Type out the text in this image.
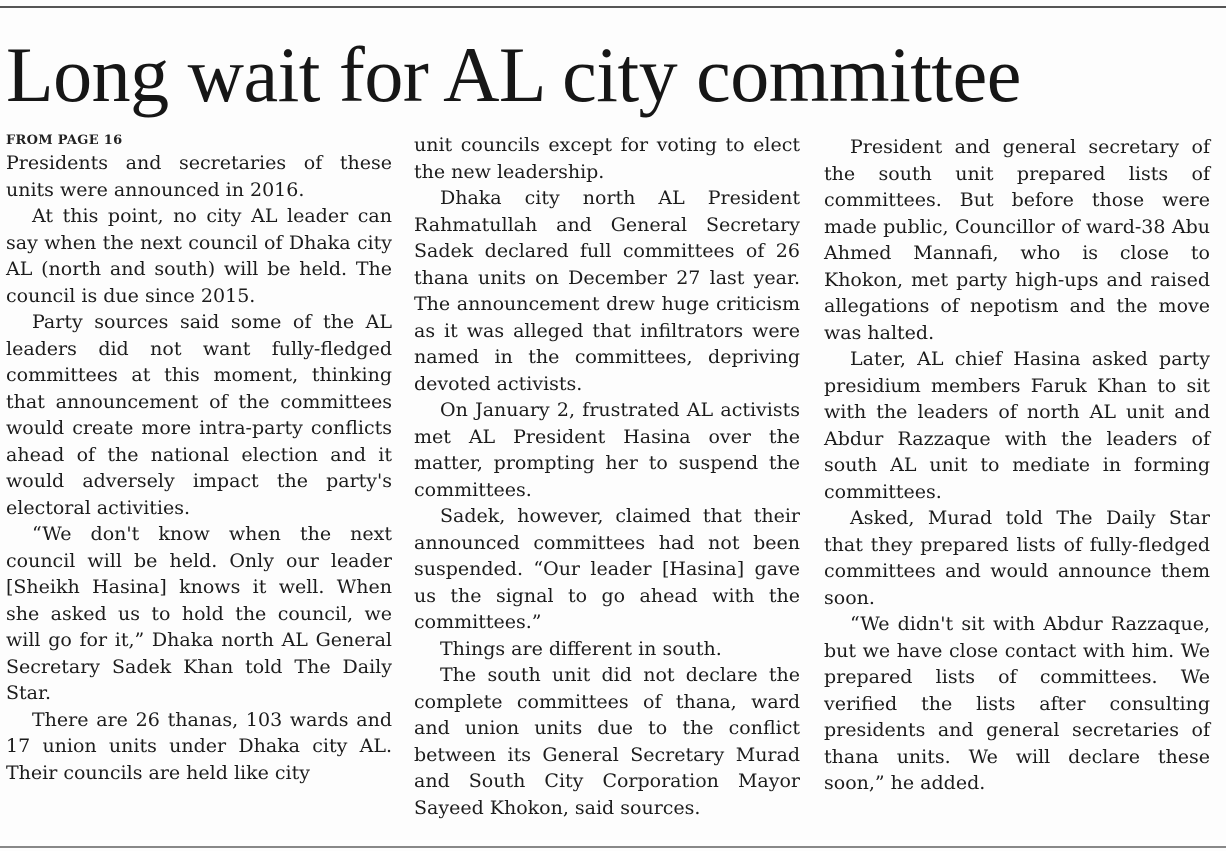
Long wait for AL city committee
FROM PAGE 16

Presidents and secretaries of these units were announced in 2016.

At this point, no city AL leader can say when the next council of Dhaka city AL (north and south) will be held. The council is due since 2015.

Party sources said some of the AL leaders did not want fully-fledged committees at this moment, thinking that announcement of the committees would create more intra-party conflicts ahead of the national election and it would adversely impact the party's electoral activities.

“We don't know when the next council will be held. Only our leader [Sheikh Hasina] knows it well. When she asked us to hold the council, we will go for it,” Dhaka north AL General Secretary Sadek Khan told The Daily Star.

There are 26 thanas, 103 wards and 17 union units under Dhaka city AL. Their councils are held like city

unit councils except for voting to elect the new leadership.

Dhaka city north AL President Rahmatullah and General Secretary Sadek declared full committees of 26 thana units on December 27 last year. The announcement drew huge criticism as it was alleged that infiltrators were named in the committees, depriving devoted activists.

On January 2, frustrated AL activists met AL President Hasina over the matter, prompting her to suspend the committees.

Sadek, however, claimed that their announced committees had not been suspended. “Our leader [Hasina] gave us the signal to go ahead with the committees.”

Things are different in south.

The south unit did not declare the complete committees of thana, ward and union units due to the conflict between its General Secretary Murad and South City Corporation Mayor Sayeed Khokon, said sources.

President and general secretary of the south unit prepared lists of committees. But before those were made public, Councillor of ward-38 Abu Ahmed Mannafi, who is close to Khokon, met party high-ups and raised allegations of nepotism and the move was halted.

Later, AL chief Hasina asked party presidium members Faruk Khan to sit with the leaders of north AL unit and Abdur Razzaque with the leaders of south AL unit to mediate in forming committees.

Asked, Murad told The Daily Star that they prepared lists of fully-fledged committees and would announce them soon.

“We didn't sit with Abdur Razzaque, but we have close contact with him. We prepared lists of committees. We verified the lists after consulting presidents and general secretaries of thana units. We will declare these soon,” he added.
